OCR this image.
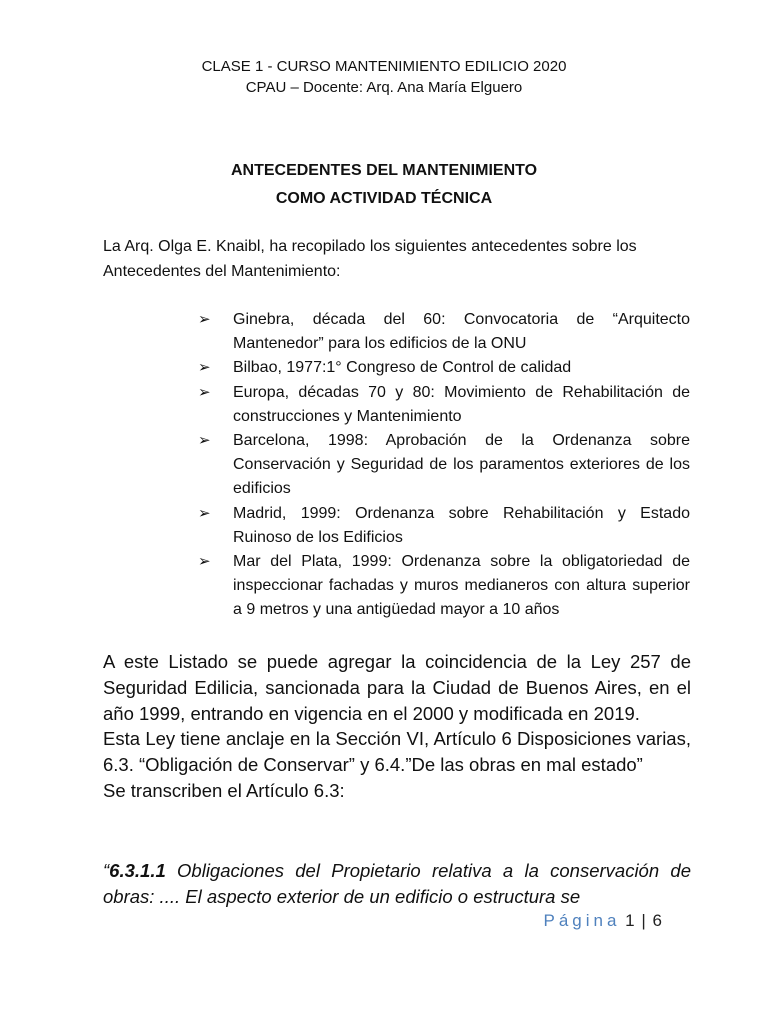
CLASE 1 - CURSO MANTENIMIENTO EDILICIO 2020
CPAU – Docente: Arq. Ana María Elguero
ANTECEDENTES DEL MANTENIMIENTO
COMO ACTIVIDAD TÉCNICA
La Arq. Olga E. Knaibl, ha recopilado los siguientes antecedentes sobre los Antecedentes del Mantenimiento:
➢ Ginebra, década del 60: Convocatoria de “Arquitecto Mantenedor” para los edificios de la ONU
➢ Bilbao, 1977:1° Congreso de Control de calidad
➢ Europa, décadas 70 y 80: Movimiento de Rehabilitación de construcciones y Mantenimiento
➢ Barcelona, 1998: Aprobación de la Ordenanza sobre Conservación y Seguridad de los paramentos exteriores de los edificios
➢ Madrid, 1999: Ordenanza sobre Rehabilitación y Estado Ruinoso de los Edificios
➢ Mar del Plata, 1999: Ordenanza sobre la obligatoriedad de inspeccionar fachadas y muros medianeros con altura superior a 9 metros y una antigüedad mayor a 10 años

A este Listado se puede agregar la coincidencia de la Ley 257 de Seguridad Edilicia, sancionada para la Ciudad de Buenos Aires, en el año 1999, entrando en vigencia en el 2000 y modificada en 2019.

Esta Ley tiene anclaje en la Sección VI, Artículo 6 Disposiciones varias, 6.3. “Obligación de Conservar” y 6.4.”De las obras en mal estado”

Se transcriben el Artículo 6.3:

“6.3.1.1 Obligaciones del Propietario relativa a la conservación de obras: .... El aspecto exterior de un edificio o estructura se
Página 1 | 6
